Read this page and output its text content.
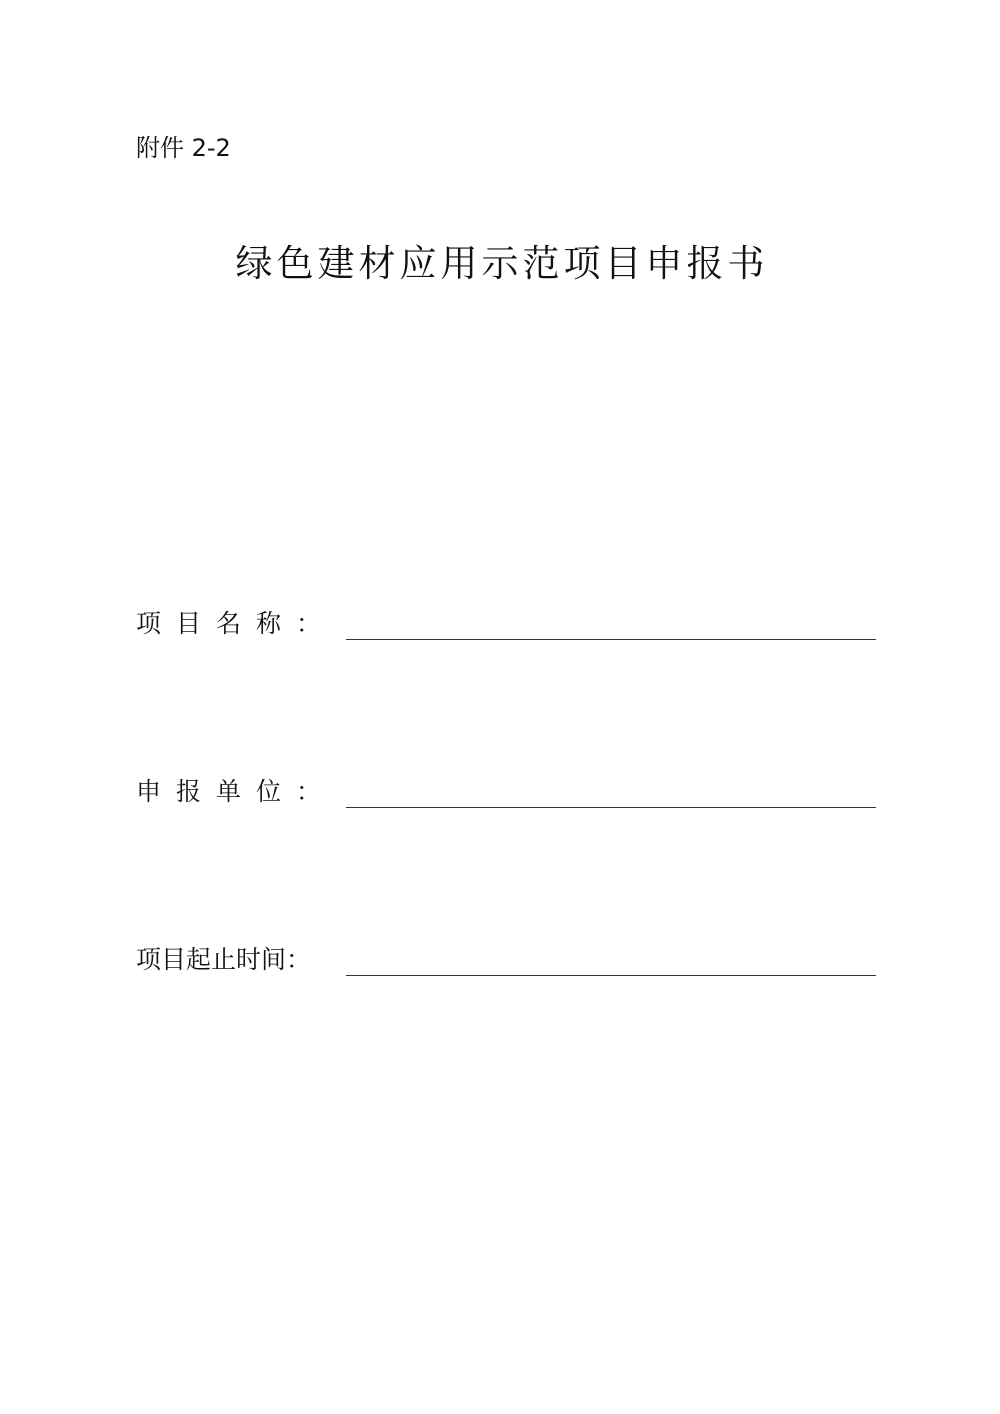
附件 2-2
绿色建材应用示范项目申报书
项目名称：
申报单位：
项目起止时间：
